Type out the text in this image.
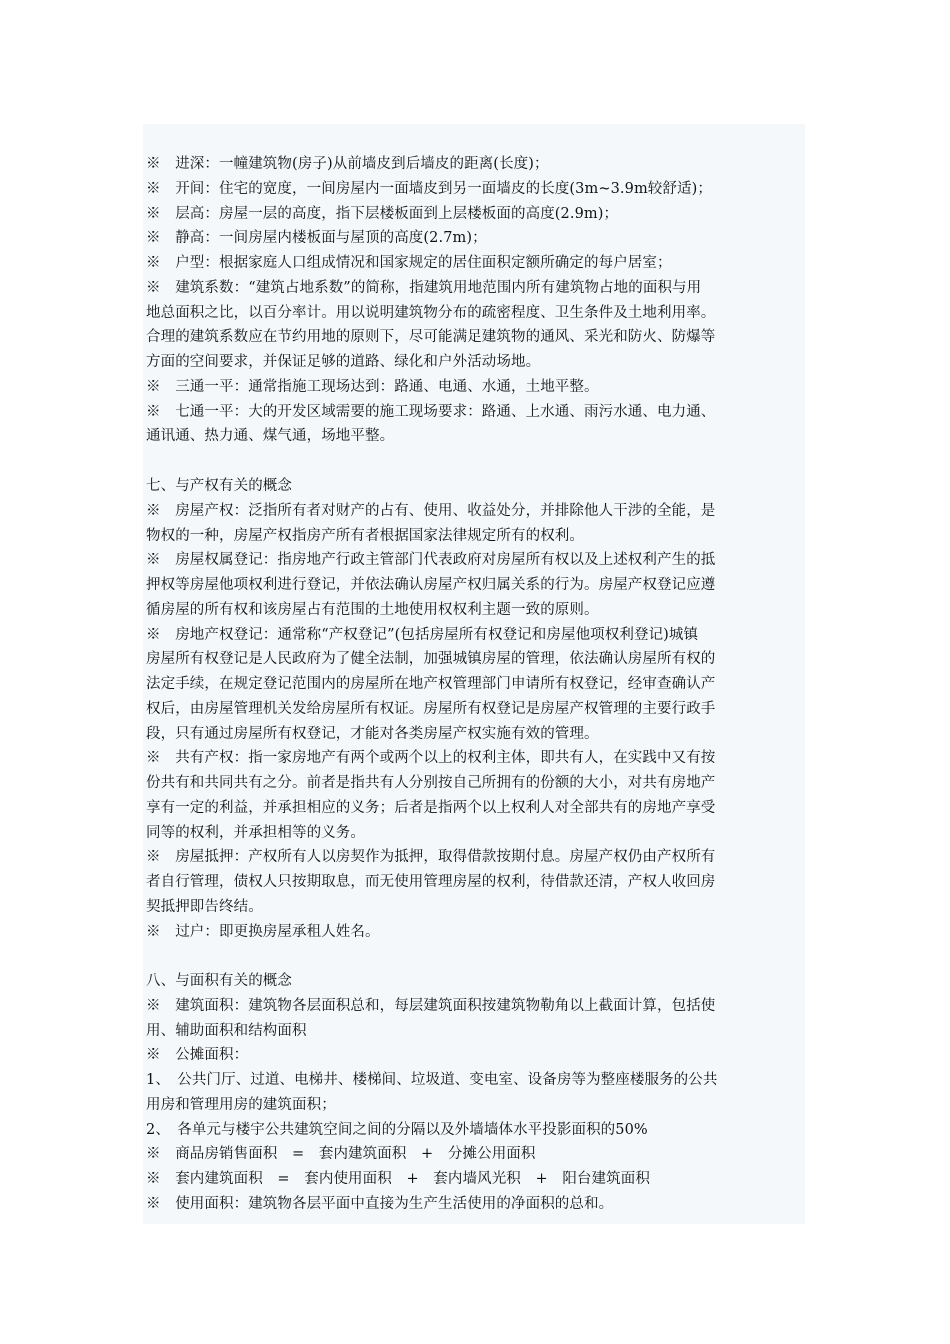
※　进深：一幢建筑物(房子)从前墙皮到后墙皮的距离(长度)；
※　开间：住宅的宽度，一间房屋内一面墙皮到另一面墙皮的长度(3m~3.9m较舒适)；
※　层高：房屋一层的高度，指下层楼板面到上层楼板面的高度(2.9m)；
※　静高：一间房屋内楼板面与屋顶的高度(2.7m)；
※　户型：根据家庭人口组成情况和国家规定的居住面积定额所确定的每户居室；
※　建筑系数：“建筑占地系数”的简称，指建筑用地范围内所有建筑物占地的面积与用
地总面积之比，以百分率计。用以说明建筑物分布的疏密程度、卫生条件及土地利用率。
合理的建筑系数应在节约用地的原则下，尽可能满足建筑物的通风、采光和防火、防爆等
方面的空间要求，并保证足够的道路、绿化和户外活动场地。
※　三通一平：通常指施工现场达到：路通、电通、水通，土地平整。
※　七通一平：大的开发区域需要的施工现场要求：路通、上水通、雨污水通、电力通、
通讯通、热力通、煤气通，场地平整。
七、与产权有关的概念
※　房屋产权：泛指所有者对财产的占有、使用、收益处分，并排除他人干涉的全能，是
物权的一种，房屋产权指房产所有者根据国家法律规定所有的权利。
※　房屋权属登记：指房地产行政主管部门代表政府对房屋所有权以及上述权利产生的抵
押权等房屋他项权利进行登记，并依法确认房屋产权归属关系的行为。房屋产权登记应遵
循房屋的所有权和该房屋占有范围的土地使用权权利主题一致的原则。
※　房地产权登记：通常称“产权登记”(包括房屋所有权登记和房屋他项权利登记)城镇
房屋所有权登记是人民政府为了健全法制，加强城镇房屋的管理，依法确认房屋所有权的
法定手续，在规定登记范围内的房屋所在地产权管理部门申请所有权登记，经审查确认产
权后，由房屋管理机关发给房屋所有权证。房屋所有权登记是房屋产权管理的主要行政手
段，只有通过房屋所有权登记，才能对各类房屋产权实施有效的管理。
※　共有产权：指一家房地产有两个或两个以上的权利主体，即共有人，在实践中又有按
份共有和共同共有之分。前者是指共有人分别按自己所拥有的份额的大小，对共有房地产
享有一定的利益，并承担相应的义务；后者是指两个以上权利人对全部共有的房地产享受
同等的权利，并承担相等的义务。
※　房屋抵押：产权所有人以房契作为抵押，取得借款按期付息。房屋产权仍由产权所有
者自行管理，债权人只按期取息，而无使用管理房屋的权利，待借款还清，产权人收回房
契抵押即告终结。
※　过户：即更换房屋承租人姓名。
八、与面积有关的概念
※　建筑面积：建筑物各层面积总和，每层建筑面积按建筑物勒角以上截面计算，包括使
用、辅助面积和结构面积
※　公摊面积：
1、　公共门厅、过道、电梯井、楼梯间、垃圾道、变电室、设备房等为整座楼服务的公共
用房和管理用房的建筑面积；
2、　各单元与楼宇公共建筑空间之间的分隔以及外墙墙体水平投影面积的50%
※　商品房销售面积　=　套内建筑面积　+　分摊公用面积
※　套内建筑面积　=　套内使用面积　+　套内墙风光积　+　阳台建筑面积
※　使用面积：建筑物各层平面中直接为生产生活使用的净面积的总和。
